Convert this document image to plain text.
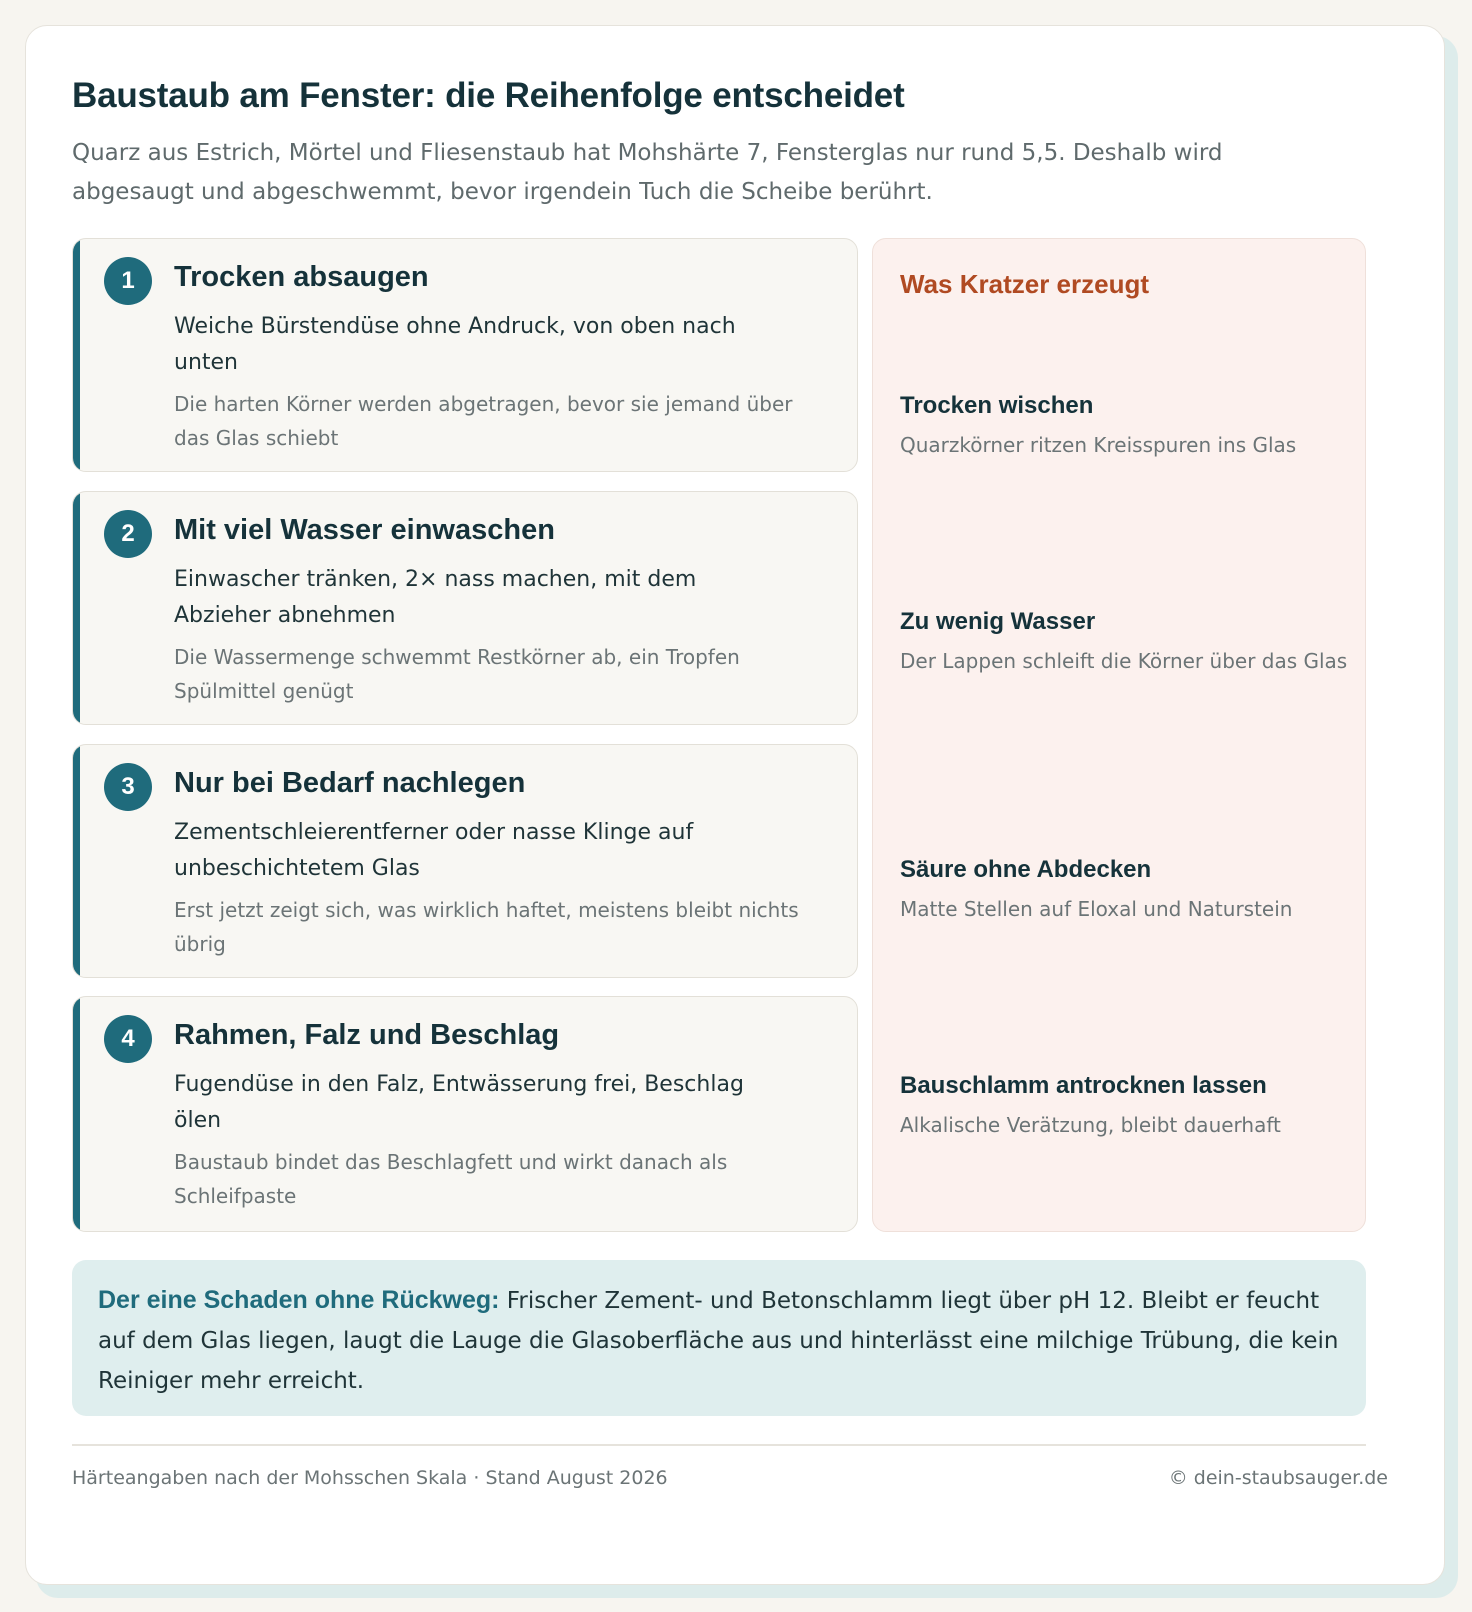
Baustaub am Fenster: die Reihenfolge entscheidet

Quarz aus Estrich, Mörtel und Fliesenstaub hat Mohshärte 7, Fensterglas nur rund 5,5. Deshalb wird abgesaugt und abgeschwemmt, bevor irgendein Tuch die Scheibe berührt.

1	Trocken absaugen

Weiche Bürstendüse ohne Andruck, von oben nach unten

Die harten Körner werden abgetragen, bevor sie jemand über das Glas schiebt

2	Mit viel Wasser einwaschen

Einwascher tränken, 2× nass machen, mit dem Abzieher abnehmen

Die Wassermenge schwemmt Restkörner ab, ein Tropfen Spülmittel genügt

3	Nur bei Bedarf nachlegen

Zementschleierentferner oder nasse Klinge auf unbeschichtetem Glas

Erst jetzt zeigt sich, was wirklich haftet, meistens bleibt nichts übrig

4	Rahmen, Falz und Beschlag

Fugendüse in den Falz, Entwässerung frei, Beschlag ölen

Baustaub bindet das Beschlagfett und wirkt danach als Schleifpaste

Was Kratzer erzeugt

Trocken wischen

Quarzkörner ritzen Kreisspuren ins Glas

Zu wenig Wasser

Der Lappen schleift die Körner über das Glas

Säure ohne Abdecken

Matte Stellen auf Eloxal und Naturstein

Bauschlamm antrocknen lassen

Alkalische Verätzung, bleibt dauerhaft

Der eine Schaden ohne Rückweg: Frischer Zement- und Betonschlamm liegt über pH 12. Bleibt er feucht auf dem Glas liegen, laugt die Lauge die Glasoberfläche aus und hinterlässt eine milchige Trübung, die kein Reiniger mehr erreicht.

Härteangaben nach der Mohsschen Skala · Stand August 2026	© dein-staubsauger.de
